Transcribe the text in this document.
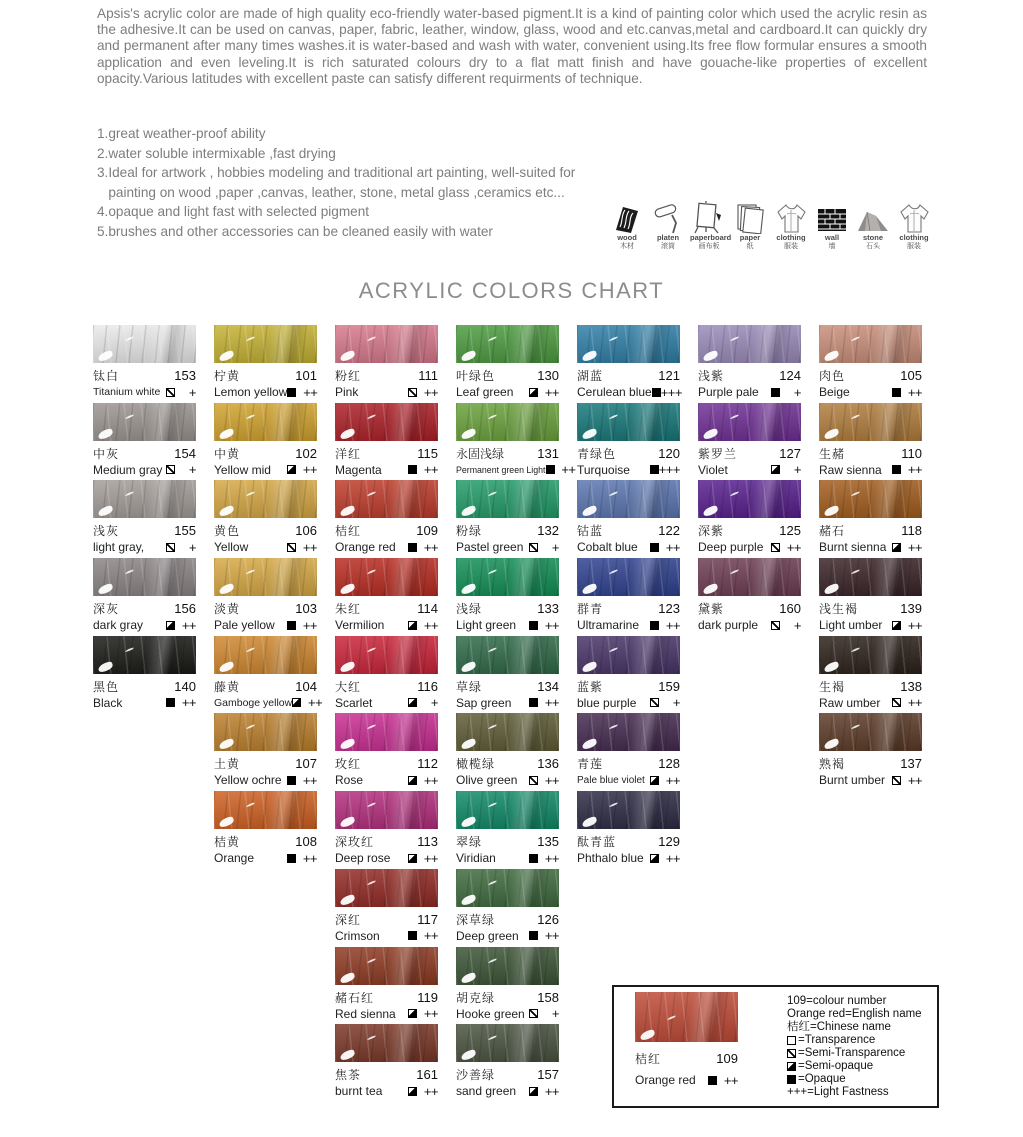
Apsis's acrylic color are made of high quality eco-friendly water-based pigment.It is a kind of painting color which used the acrylic resin as the adhesive.It can be used on canvas, paper, fabric, leather, window, glass, wood and etc.canvas,metal and cardboard.It can quickly dry and permanent after many times washes.it is water-based and wash with water, convenient using.Its free flow formular ensures a smooth application and even leveling.It is rich saturated colours dry to a flat matt finish and have gouache-like properties of excellent opacity.Various latitudes with excellent paste can satisfy different requirments of technique.
1.great weather-proof ability
2.water soluble intermixable ,fast drying
3.Ideal for artwork , hobbies modeling and traditional art painting, well-suited for
painting on wood ,paper ,canvas, leather, stone, metal glass ,ceramics etc...
4.opaque and light fast with selected pigment
5.brushes and other accessories can be cleaned easily with water	wood
木材
platen
滚筒
paperboard
画布板
paper
纸
clothing
服装
wall
墙
stone
石头
clothing
服装
ACRYLIC COLORS CHART
钛白	153
Titanium white	+
柠黄	101
Lemon yellow	++
粉红	111
Pink	++
叶绿色	130
Leaf green	++
湖蓝	121
Cerulean blue +++
浅紫	124
Purple pale	+
肉色	105
Beige	++
中灰	154
Medium gray	+
中黄	102
Yellow mid	++
洋红	115
Magenta	++
永固浅绿	131
Permanent green Light	++
青绿色	120
Turquoise +++
紫罗兰	127
Violet	+
生赭	110
Raw sienna	++
浅灰	155
light gray,	+
黄色	106
Yellow	++
桔红	109
Orange red	++
粉绿	132
Pastel green	+
钴蓝	122
Cobalt blue	++
深紫	125
Deep purple	++
赭石	118
Burnt sienna	++
深灰	156
dark gray	++
淡黄	103
Pale yellow	++
朱红	114
Vermilion	++
浅绿	133
Light green	++
群青	123
Ultramarine	++
黛紫	160
dark purple	+
浅生褐	139
Light umber	++
黑色	140
Black	++
藤黄	104
Gamboge yellow	++
大红	116
Scarlet	+
草绿	134
Sap green	++
蓝紫	159
blue purple	+
生褐	138
Raw umber	++
土黄	107
Yellow ochre	++
玫红	112
Rose	++
橄榄绿	136
Olive green	++
青莲	128
Pale blue violet	++
熟褐	137
Burnt umber	++
桔黄	108
Orange	++
深玫红	113
Deep rose	++
翠绿	135
Viridian	++
酞青蓝	129
Phthalo blue	++
深红	117
Crimson	++
深草绿	126
Deep green	++
赭石红	119
Red sienna	++
胡克绿	158
Hooke green	+
焦茶	161
burnt tea	++
沙善绿	157
sand green	++
桔红	109
Orange red	++
109=colour number
Orange red=English name
桔红=Chinese name
=Transparence
=Semi-Transparence
=Semi-opaque
=Opaque
+++=Light Fastness
